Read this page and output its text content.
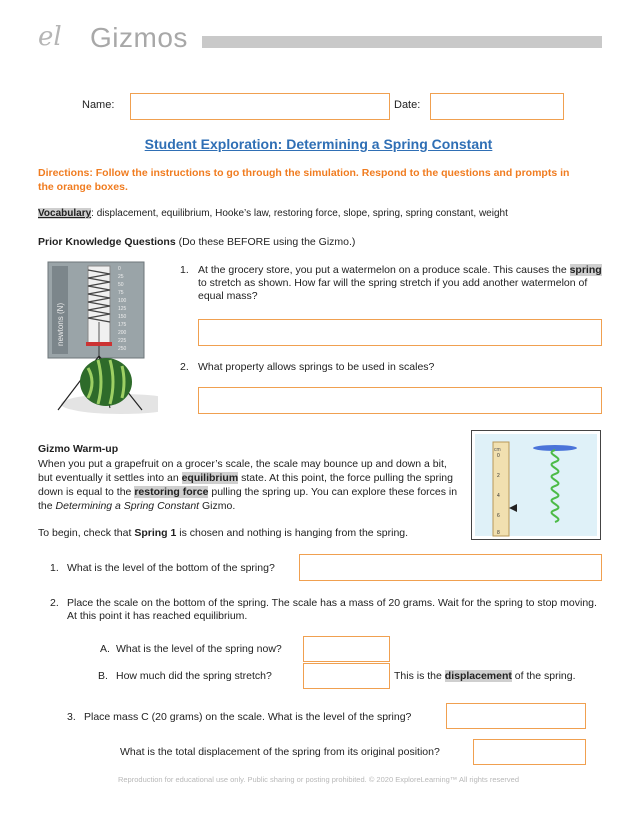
el Gizmos
Name:	Date:
Student Exploration: Determining a Spring Constant
Directions: Follow the instructions to go through the simulation. Respond to the questions and prompts in the orange boxes.
Vocabulary: displacement, equilibrium, Hooke’s law, restoring force, slope, spring, spring constant, weight
Prior Knowledge Questions (Do these BEFORE using the Gizmo.)
newtons (N)
0
25
50
75
100
125
150
175
200
225
250
1. At the grocery store, you put a watermelon on a produce scale. This causes the spring to stretch as shown. How far will the spring stretch if you add another watermelon of equal mass?
2. What property allows springs to be used in scales?
Gizmo Warm-up
When you put a grapefruit on a grocer’s scale, the scale may bounce up and down a bit, but eventually it settles into an equilibrium state. At this point, the force pulling the spring down is equal to the restoring force pulling the spring up. You can explore these forces in the Determining a Spring Constant Gizmo.
To begin, check that Spring 1 is chosen and nothing is hanging from the spring.
cm
0
2
4
6
8
1. What is the level of the bottom of the spring?
2. Place the scale on the bottom of the spring. The scale has a mass of 20 grams. Wait for the spring to stop moving. At this point it has reached equilibrium.
A. What is the level of the spring now?
B. How much did the spring stretch?	This is the displacement of the spring.
3. Place mass C (20 grams) on the scale. What is the level of the spring?
What is the total displacement of the spring from its original position?
Reproduction for educational use only. Public sharing or posting prohibited. © 2020 ExploreLearning™ All rights reserved
